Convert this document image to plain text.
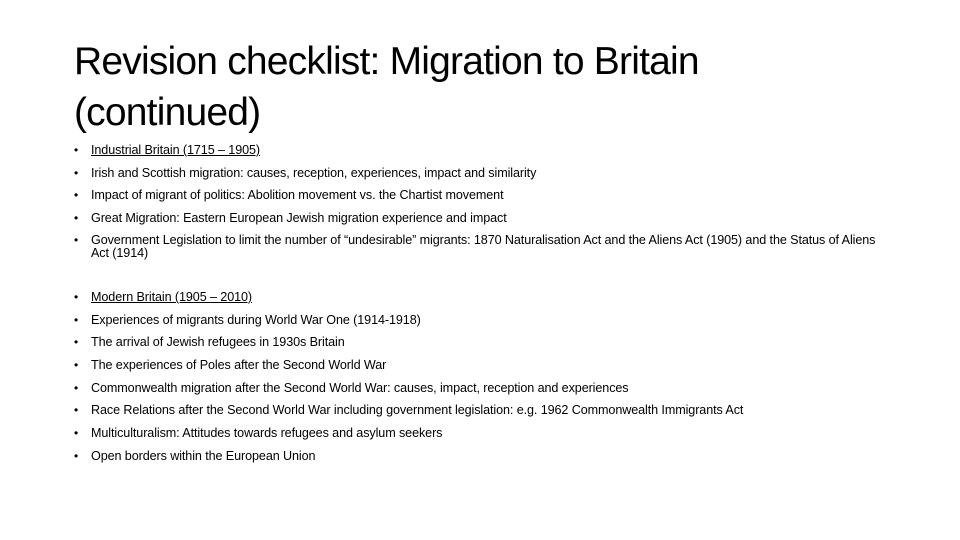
Revision checklist: Migration to Britain
(continued)
• Industrial Britain (1715 – 1905)
• Irish and Scottish migration: causes, reception, experiences, impact and similarity
• Impact of migrant of politics: Abolition movement vs. the Chartist movement
• Great Migration: Eastern European Jewish migration experience and impact
• Government Legislation to limit the number of “undesirable” migrants: 1870 Naturalisation Act and the Aliens Act (1905) and the Status of Aliens Act (1914)
• Modern Britain (1905 – 2010)
• Experiences of migrants during World War One (1914-1918)
• The arrival of Jewish refugees in 1930s Britain
• The experiences of Poles after the Second World War
• Commonwealth migration after the Second World War: causes, impact, reception and experiences
• Race Relations after the Second World War including government legislation: e.g. 1962 Commonwealth Immigrants Act
• Multiculturalism: Attitudes towards refugees and asylum seekers
• Open borders within the European Union
